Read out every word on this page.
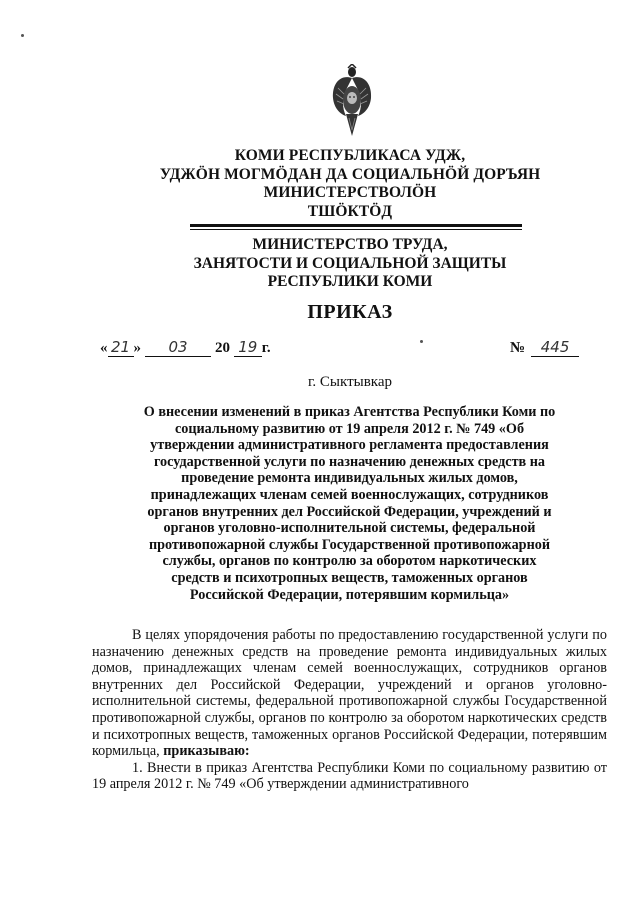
КОМИ РЕСПУБЛИКАСА УДЖ,
УДЖӦН МОГМӦДАН ДА СОЦИАЛЬНӦЙ ДОРЪЯН
МИНИСТЕРСТВОЛӦН
ТШӦКТӦД
МИНИСТЕРСТВО ТРУДА,
ЗАНЯТОСТИ И СОЦИАЛЬНОЙ ЗАЩИТЫ
РЕСПУБЛИКИ КОМИ
ПРИКАЗ
« 21 » 03 20 19 г.	№ 445
г. Сыктывкар
О внесении изменений в приказ Агентства Республики Коми по
социальному развитию от 19 апреля 2012 г. № 749 «Об
утверждении административного регламента предоставления
государственной услуги по назначению денежных средств на
проведение ремонта индивидуальных жилых домов,
принадлежащих членам семей военнослужащих, сотрудников
органов внутренних дел Российской Федерации, учреждений и
органов уголовно-исполнительной системы, федеральной
противопожарной службы Государственной противопожарной
службы, органов по контролю за оборотом наркотических
средств и психотропных веществ, таможенных органов
Российской Федерации, потерявшим кормильца»

В целях упорядочения работы по предоставлению государственной услуги по назначению денежных средств на проведение ремонта индивидуальных жилых домов, принадлежащих членам семей военнослужащих, сотрудников органов внутренних дел Российской Федерации, учреждений и органов уголовно-исполнительной системы, федеральной противопожарной службы Государственной противопожарной службы, органов по контролю за оборотом наркотических средств и психотропных веществ, таможенных органов Российской Федерации, потерявшим кормильца, приказываю:

1. Внести в приказ Агентства Республики Коми по социальному развитию от 19 апреля 2012 г. № 749 «Об утверждении административного
